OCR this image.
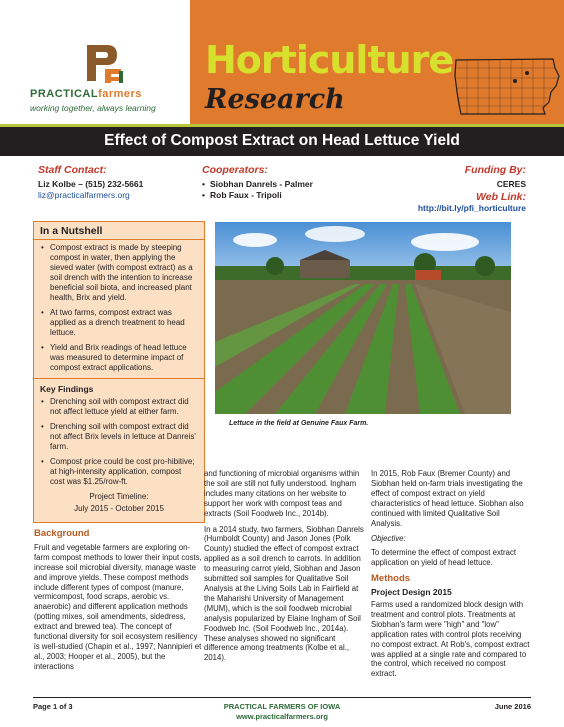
PRACTICALfarmers
working together, always learning
Horticulture
Research
Effect of Compost Extract on Head Lettuce Yield
Staff Contact:
Liz Kolbe – (515) 232-5661
liz@practicalfarmers.org
Cooperators:
• Siobhan Danrels - Palmer
• Rob Faux - Tripoli
Funding By:
CERES
Web Link:
http://bit.ly/pfi_horticulture
In a Nutshell
• Compost extract is made by steeping compost in water, then applying the sieved water (with compost extract) as a soil drench with the intention to increase beneficial soil biota, and increased plant health, Brix and yield.
• At two farms, compost extract was applied as a drench treatment to head lettuce.
• Yield and Brix readings of head lettuce was measured to determine impact of compost extract applications.
Key Findings
• Drenching soil with compost extract did not affect lettuce yield at either farm.
• Drenching soil with compost extract did not affect Brix levels in lettuce at Danreis' farm.
• Compost price could be cost pro-hibitive; at high-intensity application, compost cost was $1.25/row-ft.
Project Timeline:
July 2015 - October 2015
Lettuce in the field at Genuine Faux Farm.
Background

Fruit and vegetable farmers are exploring on-farm compost methods to lower their input costs, increase soil microbial diversity, manage waste and improve yields. These compost methods include different types of compost (manure, vermicompost, food scraps, aerobic vs. anaerobic) and different application methods (potting mixes, soil amendments, sidedress, extract and brewed tea). The concept of functional diversity for soil ecosystem resiliency is well-studied (Chapin et al., 1997; Nannipieri et al., 2003; Hooper et al., 2005), but the interactions

and functioning of microbial organisms within the soil are still not fully understood. Ingham includes many citations on her website to support her work with compost teas and extracts (Soil Foodweb Inc., 2014b).

In a 2014 study, two farmers, Siobhan Danrels (Humboldt County) and Jason Jones (Polk County) studied the effect of compost extract applied as a soil drench to carrots. In addition to measuring carrot yield, Siobhan and Jason submitted soil samples for Qualitative Soil Analysis at the Living Soils Lab in Fairfield at the Maharishi University of Management (MUM), which is the soil foodweb microbial analysis popularized by Elaine Ingham of Soil Foodweb Inc. (Soil Foodweb Inc., 2014a). These analyses showed no significant difference among treatments (Kolbe et al., 2014).

In 2015, Rob Faux (Bremer County) and Siobhan held on-farm trials investigating the effect of compost extract on yield characteristics of head lettuce. Siobhan also continued with limited Qualitative Soil Analysis.

Objective:

To determine the effect of compost extract application on yield of head lettuce.

Methods
Project Design 2015

Farms used a randomized block design with treatment and control plots. Treatments at Siobhan's farm were "high" and "low" application rates with control plots receiving no compost extract. At Rob's, compost extract was applied at a single rate and compared to the control, which received no compost extract.

Page 1 of 3	PRACTICAL FARMERS OF IOWA
www.practicalfarmers.org
June 2016
